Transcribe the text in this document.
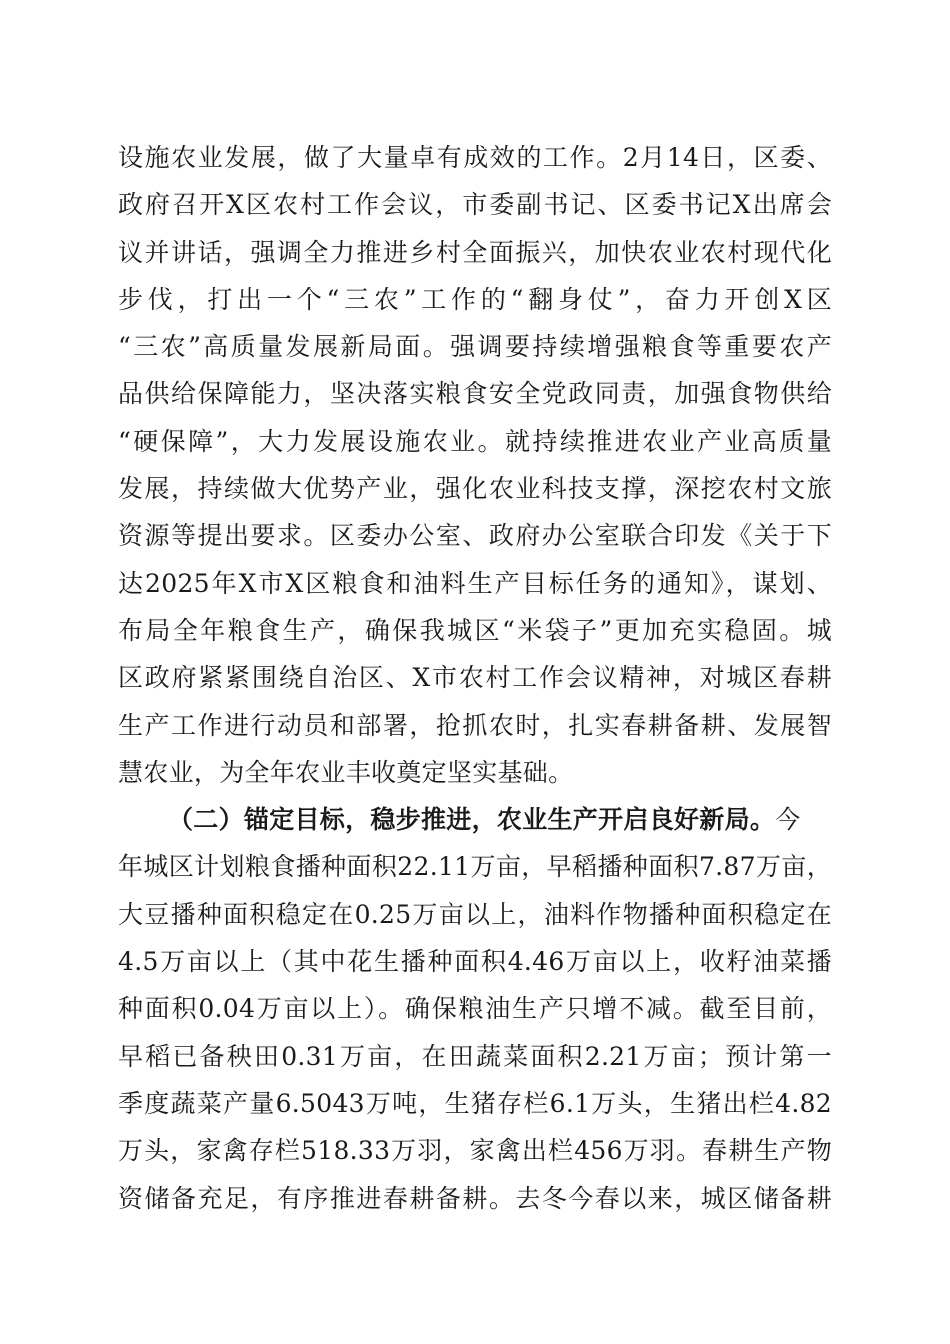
设施农业发展，做了大量卓有成效的工作。2月14日，区委、
政府召开X区农村工作会议，市委副书记、区委书记X出席会
议并讲话，强调全力推进乡村全面振兴，加快农业农村现代化
步伐，打出一个“三农”工作的“翻身仗”，奋力开创X区
“三农”高质量发展新局面。强调要持续增强粮食等重要农产
品供给保障能力，坚决落实粮食安全党政同责，加强食物供给
“硬保障”，大力发展设施农业。就持续推进农业产业高质量
发展，持续做大优势产业，强化农业科技支撑，深挖农村文旅
资源等提出要求。区委办公室、政府办公室联合印发《关于下
达2025年X市X区粮食和油料生产目标任务的通知》，谋划、
布局全年粮食生产，确保我城区“米袋子”更加充实稳固。城
区政府紧紧围绕自治区、X市农村工作会议精神，对城区春耕
生产工作进行动员和部署，抢抓农时，扎实春耕备耕、发展智
慧农业，为全年农业丰收奠定坚实基础。
（二）锚定目标，稳步推进，农业生产开启良好新局。今
年城区计划粮食播种面积22.11万亩，早稻播种面积7.87万亩，
大豆播种面积稳定在0.25万亩以上，油料作物播种面积稳定在
4.5万亩以上（其中花生播种面积4.46万亩以上，收籽油菜播
种面积0.04万亩以上）。确保粮油生产只增不减。截至目前，
早稻已备秧田0.31万亩，在田蔬菜面积2.21万亩；预计第一
季度蔬菜产量6.5043万吨，生猪存栏6.1万头，生猪出栏4.82
万头，家禽存栏518.33万羽，家禽出栏456万羽。春耕生产物
资储备充足，有序推进春耕备耕。去冬今春以来，城区储备耕
